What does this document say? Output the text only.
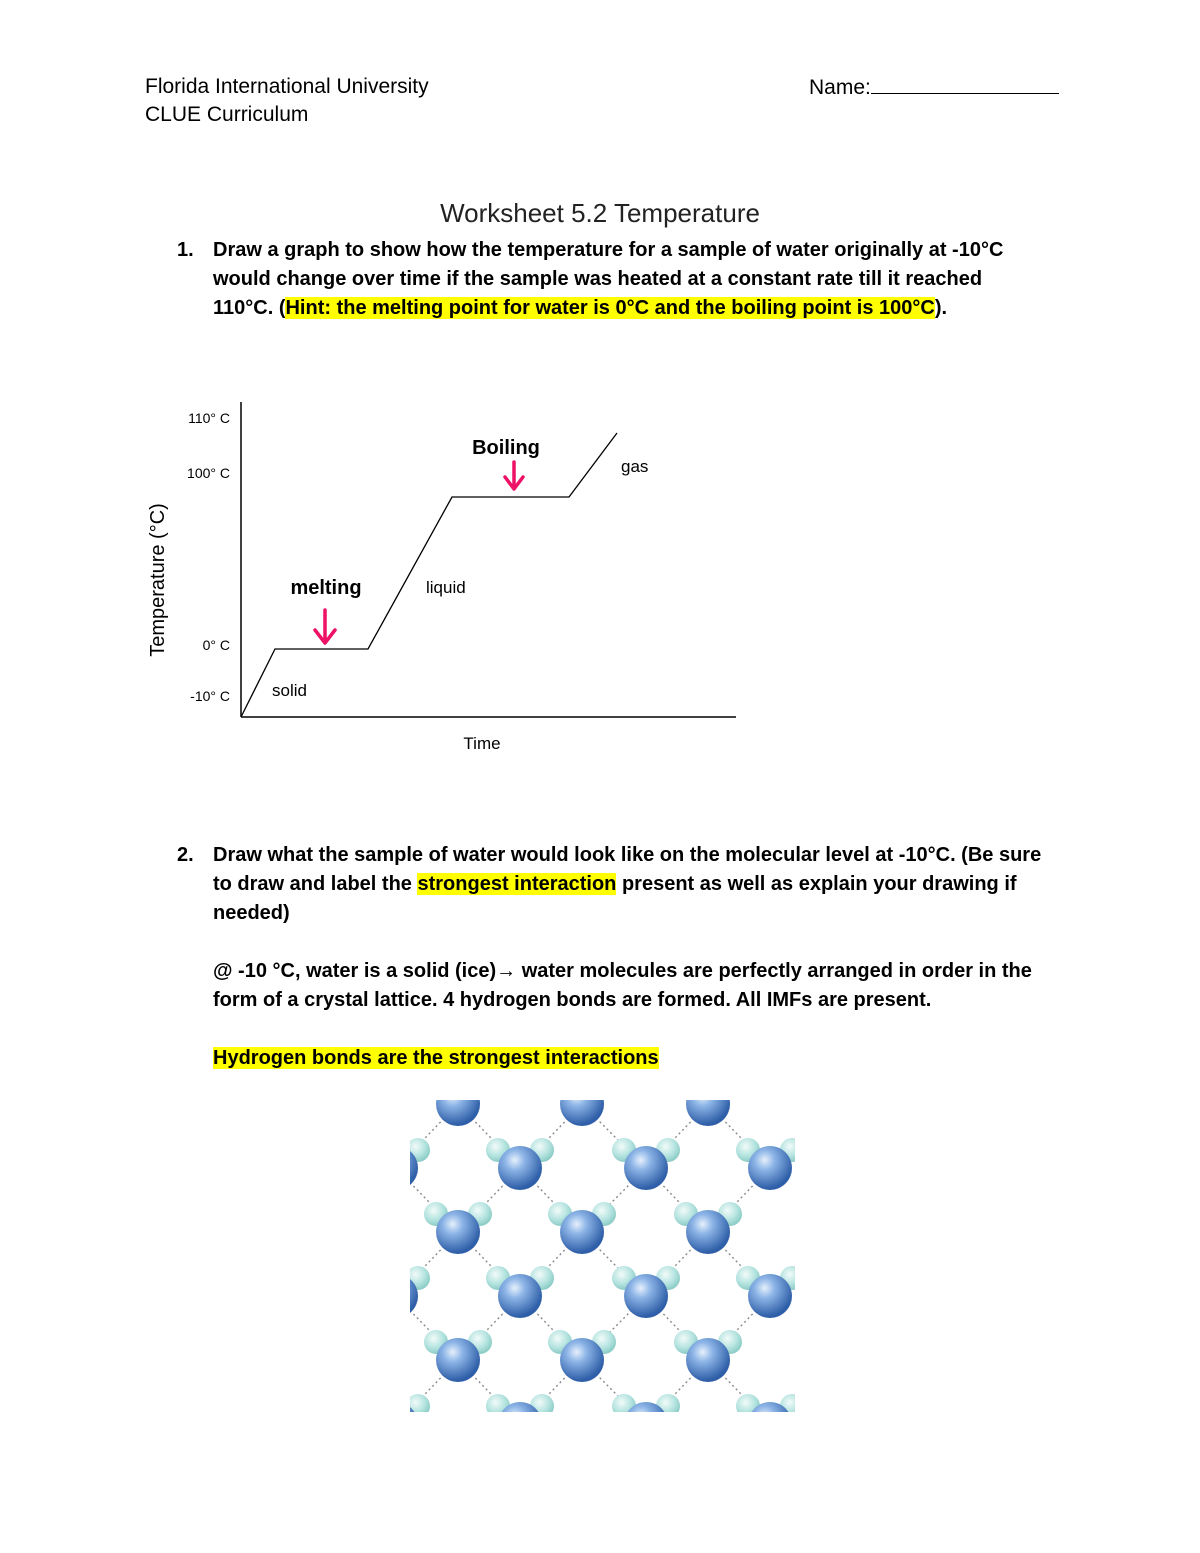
Florida International University
CLUE Curriculum
Name:
Worksheet 5.2 Temperature
1. Draw a graph to show how the temperature for a sample of water originally at -10°C
would change over time if the sample was heated at a constant rate till it reached
110°C. (Hint: the melting point for water is 0°C and the boiling point is 100°C).
110° C
100° C
0° C
-10° C
Time
Temperature (°C)	melting
Boiling
solid
liquid
gas
2. Draw what the sample of water would look like on the molecular level at -10°C. (Be sure
to draw and label the strongest interaction present as well as explain your drawing if
needed)
@ -10 °C, water is a solid (ice)→ water molecules are perfectly arranged in order in the
form of a crystal lattice. 4 hydrogen bonds are formed. All IMFs are present.
Hydrogen bonds are the strongest interactions
